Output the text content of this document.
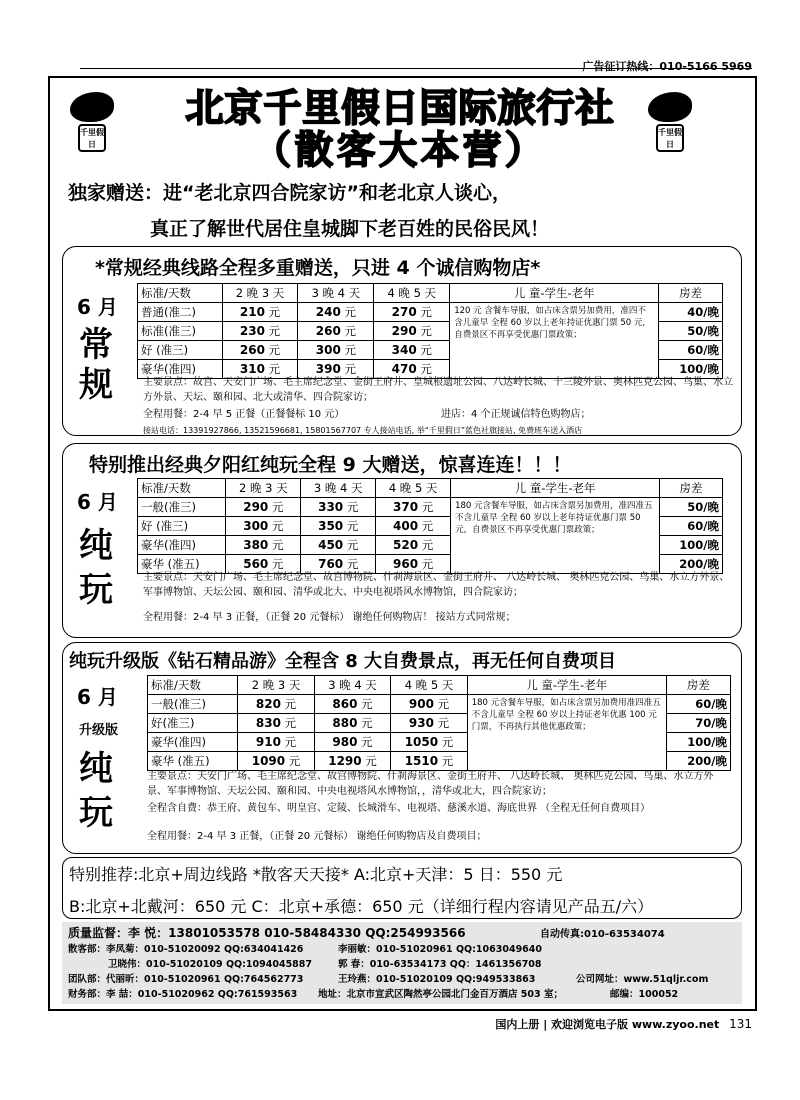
广告征订热线：010-5166 5969
千里假日
北京千里假日国际旅行社
（散客大本营）	千里假日
独家赠送：进“老北京四合院家访”和老北京人谈心，
真正了解世代居住皇城脚下老百姓的民俗民风！
*常规经典线路全程多重赠送，只进 4 个诚信购物店*
6 月
常规
标准/天数	2 晚 3 天	3 晚 4 天	4 晚 5 天	儿 童-学生-老年	房差
普通(准二)	210 元	240 元	270 元	120 元 含餐车导服，如占床含票另加费用，准四不含儿童早 全程 60 岁以上老年持证优惠门票 50 元，自费景区不再享受优惠门票政策；	40/晚
标准(准三)	230 元	260 元	290 元		50/晚
好 (准三)	260 元	300 元	340 元		60/晚
豪华(准四)	310 元	390 元	470 元		100/晚
主要景点：故宫、天安门广场、毛主席纪念堂、金街王府井、皇城根遗址公园、八达岭长城、十三陵外景、奥林匹克公园、鸟巢、水立方外景、天坛、颐和园、北大或清华、四合院家访；
全程用餐：2-4 早 5 正餐（正餐餐标 10 元）	进店：4 个正规诚信特色购物店；
接站电话：13391927866, 13521596681, 15801567707 专人接站电话, 举“千里假日”蓝色社旗接站, 免费班车送入酒店
特别推出经典夕阳红纯玩全程 9 大赠送，惊喜连连！！！
6 月
纯玩
标准/天数	2 晚 3 天	3 晚 4 天	4 晚 5 天	儿 童-学生-老年	房差
一般(准三)	290 元	330 元	370 元	180 元含餐车导服，如占床含票另加费用，准四准五不含儿童早 全程 60 岁以上老年持证优惠门票 50 元，自费景区不再享受优惠门票政策；	50/晚
好 (准三)	300 元	350 元	400 元		60/晚
豪华(准四)	380 元	450 元	520 元		100/晚
豪华 (准五)	560 元	760 元	960 元		200/晚
主要景点：天安门广场、毛主席纪念堂、故宫博物院、什刹海景区、金街王府井、 八达岭长城、 奥林匹克公园、鸟巢、水立方外景、军事博物馆、天坛公园、颐和园、清华或北大、中央电视塔风水博物馆，四合院家访；
全程用餐：2-4 早 3 正餐，（正餐 20 元餐标） 谢绝任何购物店！ 接站方式同常规；
纯玩升级版《钻石精品游》全程含 8 大自费景点，再无任何自费项目
6 月
升级版
纯玩
标准/天数	2 晚 3 天	3 晚 4 天	4 晚 5 天	儿 童-学生-老年	房差
一般(准三)	820 元	860 元	900 元	180 元含餐车导服，如占床含票另加费用准四准五不含儿童早 全程 60 岁以上持证老年优惠 100 元门票，不再执行其他优惠政策；	60/晚
好(准三)	830 元	880 元	930 元		70/晚
豪华(准四)	910 元	980 元	1050 元		100/晚
豪华 (准五)	1090 元	1290 元	1510 元		200/晚
主要景点：天安门广场、毛主席纪念堂、故宫博物院、什刹海景区、金街王府井、 八达岭长城、 奥林匹克公园、鸟巢、水立方外景、军事博物馆、天坛公园、颐和园、中央电视塔风水博物馆，，清华或北大，四合院家访；
全程含自费：恭王府、黄包车、明皇宫、定陵、长城滑车、电视塔、慈溪水道、海底世界 （全程无任何自费项目）
全程用餐：2-4 早 3 正餐，（正餐 20 元餐标） 谢绝任何购物店及自费项目；
特别推荐:北京+周边线路 *散客天天接* A:北京+天津：5 日：550 元
B:北京+北戴河：650 元 C：北京+承德：650 元（详细行程内容请见产品五/六）
质量监督：李 悦：13801053578 010-58484330 QQ:254993566	自动传真:010-63534074
散客部：李凤菊：010-51020092 QQ:634041426	李丽敏：010-51020961 QQ:1063049640
卫晓伟：010-51020109 QQ:1094045887	郭 春：010-63534173 QQ：1461356708
团队部：代丽昕：010-51020961 QQ:764562773	王玲燕：010-51020109 QQ:949533863	公司网址：www.51qljr.com
财务部：李 喆：010-51020962 QQ:761593563 地址：北京市宣武区陶然亭公园北门金百万酒店 503 室；	邮编：100052
国内上册 | 欢迎浏览电子版 www.zyoo.net 131
